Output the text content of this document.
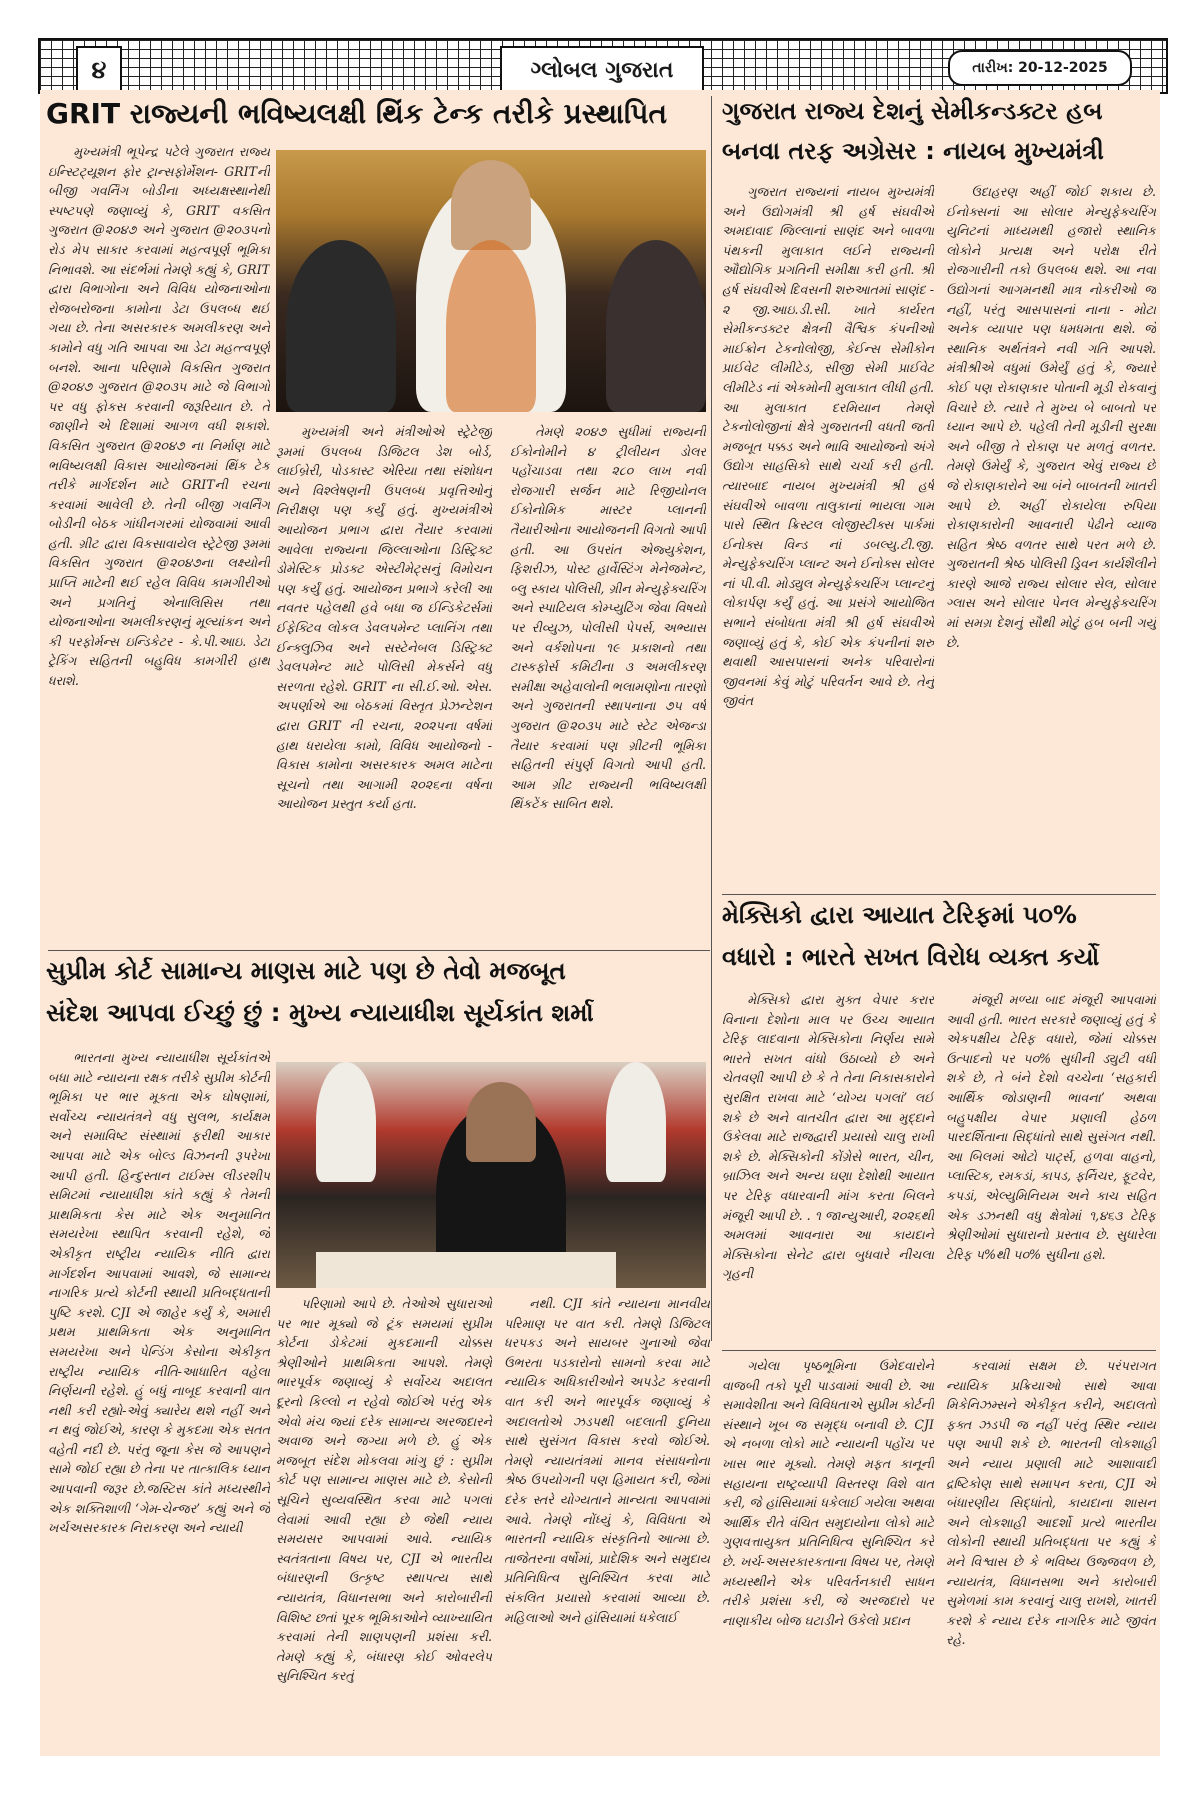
૪	ગ્લોબલ ગુજરાત	તારીખ: 20-12-2025
GRIT રાજ્યની ભવિષ્યલક્ષી થિંક ટેન્ક તરીકે પ્રસ્થાપિત

મુખ્યમંત્રી ભૂપેન્દ્ર પટેલે ગુજરાત રાજ્ય ઇન્સ્ટિટ્યૂશન ફોર ટ્રાન્સફોર્મેશન- GRITની બીજી ગવર્નિંગ બોડીના અધ્યક્ષસ્થાનેથી સ્પષ્ટપણે જણાવ્યું કે, GRIT વકસિત ગુજરાત @૨૦૪૭ અને ગુજરાત @૨૦૩૫નો રોડ મેપ સાકાર કરવામાં મહત્વપૂર્ણ ભૂમિકા નિભાવશે. આ સંદર્ભમાં તેમણે કહ્યું કે, GRIT દ્વારા વિભાગોના અને વિવિધ યોજનાઓના રોજબરોજના કામોના ડેટા ઉપલબ્ધ થઈ ગયા છે. તેના અસરકારક અમલીકરણ અને કામોને વધુ ગતિ આપવા આ ડેટા મહત્ત્વપૂર્ણ બનશે. આના પરિણામે વિકસિત ગુજરાત @૨૦૪૭ ગુજરાત @૨૦૩૫ માટે જે વિભાગો પર વધુ ફોકસ કરવાની જરૂરિયાત છે. તે જાણીને એ દિશામાં આગળ વધી શકાશે. વિકસિત ગુજરાત @૨૦૪૭ ના નિર્માણ માટે ભવિષ્યલક્ષી વિકાસ આયોજનમાં થિંક ટેક તરીકે માર્ગદર્શન માટે GRITની રચના કરવામાં આવેલી છે. તેની બીજી ગવર્નિંગ બોડીની બેઠક ગાંધીનગરમાં યોજવામાં આવી હતી. ગ્રીટ દ્વારા વિકસાવાયેલ સ્ટ્રેટેજી રૂમમાં વિકસિત ગુજરાત @૨૦૪૭ના લક્ષ્યોની પ્રાપ્તિ માટેની થઈ રહેલ વિવિધ કામગીરીઓ અને પ્રગતિનું એનાલિસિસ તથા યોજનાઓના અમલીકરણનું મૂલ્યાંકન અને કી પરફોર્મન્સ ઇન્ડિકેટર - કે.પી.આઇ. ડેટા ટ્રેકિંગ સહિતની બહુવિધ કામગીરી હાથ ધરાશે.

મુખ્યમંત્રી અને મંત્રીઓએ સ્ટ્રેટેજી રૂમમાં ઉપલબ્ધ ડિજિટલ ડેશ બોર્ડ, લાઈબ્રેરી, પોડકાસ્ટ એરિયા તથા સંશોધન અને વિશ્લેષણની ઉપલબ્ધ પ્રવૃત્તિઓનું નિરીક્ષણ પણ કર્યું હતું. મુખ્યમંત્રીએ આયોજન પ્રભાગ દ્વારા તૈયાર કરવામાં આવેલા રાજ્યના જિલ્લાઓના ડિસ્ટ્રિક્ટ ડોમેસ્ટિક પ્રોડક્ટ એસ્ટીમેટ્સનું વિમોચન પણ કર્યું હતું. આયોજન પ્રભાગે કરેલી આ નવતર પહેલથી હવે બધા જ ઈન્ડિકેટર્સમાં ઈફેક્ટિવ લોકલ ડેવલપમેન્ટ પ્લાનિંગ તથા ઈન્ક્લુઝિવ અને સસ્ટેનેબલ ડિસ્ટ્રિક્ટ ડેવલપમેન્ટ માટે પોલિસી મેકર્સને વધુ સરળતા રહેશે. GRIT ના સી.ઈ.ઓ. એસ. અપર્ણાએ આ બેઠકમાં વિસ્તૃત પ્રેઝન્ટેશન દ્વારા GRIT ની રચના, ૨૦૨૫ના વર્ષમાં હાથ ધરાયેલા કામો, વિવિધ આયોજનો - વિકાસ કામોના અસરકારક અમલ માટેના સૂચનો તથા આગામી ૨૦૨૬ના વર્ષના આયોજન પ્રસ્તુત કર્યા હતા.

તેમણે ૨૦૪૭ સુધીમાં રાજ્યની ઈકોનોમીને ૪ ટ્રીલીયન ડોલર પહોંચાડવા તથા ૨૮૦ લાખ નવી રોજગારી સર્જન માટે રિજીયોનલ ઈકોનોમિક માસ્ટર પ્લાનની તૈયારીઓના આયોજનની વિગતો આપી હતી. આ ઉપરાંત એજ્યુકેશન, ફિશરીઝ, પોસ્ટ હાર્વેસ્ટિંગ મેનેજમેન્ટ, બ્લુ સ્કાય પોલિસી, ગ્રીન મેન્યુફેક્ચરિંગ અને સ્પાટિયલ કોમ્પ્યુટિંગ જેવા વિષયો પર રીવ્યુઝ, પોલીસી પેપર્સ, અભ્યાસ અને વર્કશોપના ૧૯ પ્રકાશનો તથા ટાસ્કફોર્સ કમિટીના ૩ અમલીકરણ સમીક્ષા અહેવાલોની ભલામણોના તારણો અને ગુજરાતની સ્થાપનાના ૭૫ વર્ષ ગુજરાત @૨૦૩૫ માટે સ્ટેટ એજન્ડા તૈયાર કરવામાં પણ ગ્રીટની ભૂમિકા સહિતની સંપુર્ણ વિગતો આપી હતી. આમ ગ્રીટ રાજ્યની ભવિષ્યલક્ષી થિંકટેંક સાબિત થશે.

ગુજરાત રાજ્ય દેશનું સેમીકન્ડક્ટર હબ
બનવા તરફ અગ્રેસર : નાયબ મુખ્યમંત્રી

ગુજરાત રાજ્યનાં નાયબ મુખ્યમંત્રી અને ઉદ્યોગમંત્રી શ્રી હર્ષ સંઘવીએ અમદાવાદ જિલ્લાનાં સાણંદ અને બાવળા પંથકની મુલાકાત લઈને રાજ્યની ઔદ્યોગિક પ્રગતિની સમીક્ષા કરી હતી. શ્રી હર્ષ સંઘવીએ દિવસની શરુઆતમાં સાણંદ - ૨ જી.આઇ.ડી.સી. ખાતે કાર્યરત સેમીકન્ડક્ટર ક્ષેત્રની વૈશ્વિક કંપનીઓ માઈક્રોન ટેકનોલોજી, કેઈન્સ સેમીકોન પ્રાઈવેટ લીમીટેડ, સીજી સેમી પ્રાઈવેટ લીમીટેડ નાં એકમોની મુલાકાત લીધી હતી. આ મુલાકાત દરમિયાન તેમણે ટેકનોલોજીનાં ક્ષેત્રે ગુજરાતની વધતી જતી મજબૂત પક્કડ અને ભાવિ આયોજનો અંગે ઉદ્યોગ સાહસિકો સાથે ચર્ચા કરી હતી. ત્યારબાદ નાયબ મુખ્યમંત્રી શ્રી હર્ષ સંઘવીએ બાવળા તાલુકાનાં ભાયલા ગામ પાસે સ્થિત ક્રિસ્ટલ લોજીસ્ટીક્સ પાર્કમાં ઈનોક્સ વિન્ડ નાં ડબલ્યુ.ટી.જી. મેન્યુફેક્ચરિંગ પ્લાન્ટ અને ઈનોક્સ સોલર નાં પી.વી. મોડ્યુલ મેન્યુફેક્ચરિંગ પ્લાન્ટનું લોકાર્પણ કર્યું હતું. આ પ્રસંગે આયોજિત સભાને સંબોધતા મંત્રી શ્રી હર્ષ સંઘવીએ જણાવ્યું હતું કે, કોઈ એક કંપનીનાં શરુ થવાથી આસપાસનાં અનેક પરિવારોનાં જીવનમાં કેવું મોટું પરિવર્તન આવે છે. તેનું જીવંત

ઉદાહરણ અહીં જોઈ શકાય છે. ઈનોક્સનાં આ સોલાર મેન્યુફેક્ચરિંગ યુનિટનાં માધ્યમથી હજારો સ્થાનિક લોકોને પ્રત્યક્ષ અને પરોક્ષ રીતે રોજગારીની તકો ઉપલબ્ધ થશે. આ નવા ઉદ્યોગનાં આગમનથી માત્ર નોકરીઓ જ નહીં, પરંતુ આસપાસનાં નાના - મોટા અનેક વ્યાપાર પણ ધમધમતા થશે. જે સ્થાનિક અર્થતંત્રને નવી ગતિ આપશે. મંત્રીશ્રીએ વધુમાં ઉમેર્યું હતું કે, જ્યારે કોઈ પણ રોકાણકાર પોતાની મૂડી રોકવાનું વિચારે છે. ત્યારે તે મુખ્ય બે બાબતો પર ધ્યાન આપે છે. પહેલી તેની મૂડીની સુરક્ષા અને બીજી તે રોકાણ પર મળતું વળતર. તેમણે ઉમેર્યું કે, ગુજરાત એવું રાજ્ય છે જે રોકાણકારોને આ બંને બાબતની ખાતરી આપે છે. અહીં રોકાયેલા રુપિયા રોકાણકારોની આવનારી પેઢીને વ્યાજ સહિત શ્રેષ્ઠ વળતર સાથે પરત મળે છે. ગુજરાતની શ્રેષ્ઠ પોલિસી ડ્રિવન કાર્યશૈલીને કારણે આજે રાજ્ય સોલાર સેલ, સોલાર ગ્લાસ અને સોલાર પેનલ મેન્યુફેક્ચરિંગ માં સમગ્ર દેશનું સૌથી મોટું હબ બની ગયું છે.

મેક્સિકો દ્વારા આયાત ટેરિફમાં ૫૦%
વધારો : ભારતે સખત વિરોધ વ્યક્ત કર્યો

મેક્સિકો દ્વારા મુક્ત વેપાર કરાર વિનાના દેશોના માલ પર ઉચ્ચ આયાત ટેરિફ લાદવાના મેક્સિકોના નિર્ણય સામે ભારતે સખત વાંધો ઉઠાવ્યો છે અને ચેતવણી આપી છે કે તે તેના નિકાસકારોને સુરક્ષિત રાખવા માટે ‘યોગ્ય પગલાં’ લઈ શકે છે અને વાતચીત દ્વારા આ મુદ્દાને ઉકેલવા માટે રાજદ્વારી પ્રયાસો ચાલુ રાખી શકે છે. મેક્સિકોની કોંગ્રેસે ભારત, ચીન, બ્રાઝિલ અને અન્ય ઘણા દેશોથી આયાત પર ટેરિફ વધારવાની માંગ કરતા બિલને મંજૂરી આપી છે. . ૧ જાન્યુઆરી, ૨૦૨૬થી અમલમાં આવનારા આ કાયદાને મેક્સિકોના સેનેટ દ્વારા બુધવારે નીચલા ગૃહની

મંજૂરી મળ્યા બાદ મંજૂરી આપવામાં આવી હતી. ભારત સરકારે જણાવ્યું હતું કે એકપક્ષીય ટેરિફ વધારો, જેમાં ચોક્કસ ઉત્પાદનો પર ૫૦% સુધીની ડ્યુટી વધી શકે છે, તે બંને દેશો વચ્ચેના ‘સહકારી આર્થિક જોડાણની ભાવના’ અથવા બહુપક્ષીય વેપાર પ્રણાલી હેઠળ પારદર્શિતાના સિદ્ધાંતો સાથે સુસંગત નથી. આ બિલમાં ઓટો પાર્ટ્સ, હળવા વાહનો, પ્લાસ્ટિક, રમકડાં, કાપડ, ફર્નિચર, ફૂટવેર, કપડાં, એલ્યુમિનિયમ અને કાચ સહિત એક ડઝનથી વધુ ક્ષેત્રોમાં ૧,૪૬૩ ટેરિફ શ્રેણીઓમાં સુધારાનો પ્રસ્તાવ છે. સુધારેલા ટેરિફ ૫%થી ૫૦% સુધીના હશે.

સુપ્રીમ કોર્ટ સામાન્ય માણસ માટે પણ છે તેવો મજબૂત
સંદેશ આપવા ઈચ્છું છું : મુખ્ય ન્યાયાધીશ સૂર્યકાંત શર્મા

ભારતના મુખ્ય ન્યાયાધીશ સૂર્યકાંતએ બધા માટે ન્યાયના રક્ષક તરીકે સુપ્રીમ કોર્ટની ભૂમિકા પર ભાર મૂકતા એક ઘોષણામાં, સર્વોચ્ચ ન્યાયતંત્રને વધુ સુલભ, કાર્યક્ષમ અને સમાવિષ્ટ સંસ્થામાં ફરીથી આકાર આપવા માટે એક બોલ્ડ વિઝનની રૂપરેખા આપી હતી. હિન્દુસ્તાન ટાઈમ્સ લીડરશીપ સમિટમાં ન્યાયાધીશ કાંતે કહ્યું કે તેમની પ્રાથમિકતા કેસ માટે એક અનુમાનિત સમયરેખા સ્થાપિત કરવાની રહેશે, જે એકીકૃત રાષ્ટ્રીય ન્યાયિક નીતિ દ્વારા માર્ગદર્શન આપવામાં આવશે, જે સામાન્ય નાગરિક પ્રત્યે કોર્ટની સ્થાયી પ્રતિબદ્ધતાની પુષ્ટિ કરશે. CJI એ જાહેર કર્યું કે, અમારી પ્રથમ પ્રાથમિકતા એક અનુમાનિત સમયરેખા અને પેન્ડિંગ કેસોના એકીકૃત રાષ્ટ્રીય ન્યાયિક નીતિ-આધારિત વહેલા નિર્ણયની રહેશે. હું બધું નાબૂદ કરવાની વાત નથી કરી રહ્યો-એવું ક્યારેય થશે નહીં અને ન થવું જોઈએ, કારણ કે મુકદમા એક સતત વહેતી નદી છે. પરંતુ જૂના કેસ જે આપણને સામે જોઈ રહ્યા છે તેના પર તાત્કાલિક ધ્યાન આપવાની જરૂર છે.જસ્ટિસ કાંતે મધ્યસ્થીને એક શક્તિશાળી ‘ગેમ-ચેન્જર’ કહ્યું અને જે ખર્ચઅસરકારક નિરાકરણ અને ન્યાયી

પરિણામો આપે છે. તેઓએ સુધારાઓ પર ભાર મૂક્યો જે ટૂંક સમયમાં સુપ્રીમ કોર્ટના ડોકેટમાં મુકદમાની ચોક્કસ શ્રેણીઓને પ્રાથમિકતા આપશે. તેમણે ભારપૂર્વક જણાવ્યું કે સર્વોચ્ચ અદાલત દૂરનો કિલ્લો ન રહેવો જોઈએ પરંતુ એક એવો મંચ જ્યાં દરેક સામાન્ય અરજદારને અવાજ અને જગ્યા મળે છે. હું એક મજબૂત સંદેશ મોકલવા માંગુ છું : સુપ્રીમ કોર્ટ પણ સામાન્ય માણસ માટે છે. કેસોની સૂચિને સુવ્યવસ્થિત કરવા માટે પગલાં લેવામાં આવી રહ્યા છે જેથી ન્યાય સમયસર આપવામાં આવે. ન્યાયિક સ્વતંત્રતાના વિષય પર, CJI એ ભારતીય બંધારણની ઉત્કૃષ્ટ સ્થાપત્ય સાથે ન્યાયતંત્ર, વિધાનસભા અને કારોબારીની વિશિષ્ટ છતાં પૂરક ભૂમિકાઓને વ્યાખ્યાયિત કરવામાં તેની શાણપણની પ્રશંસા કરી. તેમણે કહ્યું કે, બંધારણ કોઈ ઓવરલેપ સુનિશ્ચિત કરતું

નથી. CJI કાંતે ન્યાયના માનવીય પરિમાણ પર વાત કરી. તેમણે ડિજિટલ ધરપકડ અને સાયબર ગુનાઓ જેવા ઉભરતા પડકારોનો સામનો કરવા માટે ન્યાયિક અધિકારીઓને અપડેટ કરવાની વાત કરી અને ભારપૂર્વક જણાવ્યું કે અદાલતોએ ઝડપથી બદલાતી દુનિયા સાથે સુસંગત વિકાસ કરવો જોઈએ. તેમણે ન્યાયતંત્રમાં માનવ સંસાધનોના શ્રેષ્ઠ ઉપયોગની પણ હિમાયત કરી, જેમાં દરેક સ્તરે યોગ્યતાને માન્યતા આપવામાં આવે. તેમણે નોંધ્યું કે, વિવિધતા એ ભારતની ન્યાયિક સંસ્કૃતિનો આત્મા છે. તાજેતરના વર્ષોમાં, પ્રાદેશિક અને સમુદાય પ્રતિનિધિત્વ સુનિશ્ચિત કરવા માટે સંકલિત પ્રયાસો કરવામાં આવ્યા છે. મહિલાઓ અને હાંસિયામાં ધકેલાઈ

ગયેલા પૃષ્ઠભૂમિના ઉમેદવારોને વાજબી તકો પૂરી પાડવામાં આવી છે. આ સમાવેશીતા અને વિવિધતાએ સુપ્રીમ કોર્ટની સંસ્થાને ખૂબ જ સમૃદ્ધ બનાવી છે. CJI એ નબળા લોકો માટે ન્યાયની પહોંચ પર ખાસ ભાર મૂક્યો. તેમણે મફત કાનૂની સહાયના રાષ્ટ્રવ્યાપી વિસ્તરણ વિશે વાત કરી, જે હાંસિયામાં ધકેલાઈ ગયેલા અથવા આર્થિક રીતે વંચિત સમુદાયોના લોકો માટે ગુણવત્તાયુક્ત પ્રતિનિધિત્વ સુનિશ્ચિત કરે છે. ખર્ચ-અસરકારકતાના વિષય પર, તેમણે મધ્યસ્થીને એક પરિવર્તનકારી સાધન તરીકે પ્રશંસા કરી, જે અરજદારો પર નાણાકીય બોજ ઘટાડીને ઉકેલો પ્રદાન

કરવામાં સક્ષમ છે. પરંપરાગત ન્યાયિક પ્રક્રિયાઓ સાથે આવા મિકેનિઝમ્સને એકીકૃત કરીને, અદાલતો ફક્ત ઝડપી જ નહીં પરંતુ સ્થિર ન્યાય પણ આપી શકે છે. ભારતની લોકશાહી અને ન્યાય પ્રણાલી માટે આશાવાદી દ્રષ્ટિકોણ સાથે સમાપન કરતા, CJI એ બંધારણીય સિદ્ધાંતો, કાયદાના શાસન અને લોકશાહી આદર્શો પ્રત્યે ભારતીય લોકોની સ્થાયી પ્રતિબદ્ધતા પર કહ્યું કે મને વિશ્વાસ છે કે ભવિષ્ય ઉજ્જવળ છે, ન્યાયતંત્ર, વિધાનસભા અને કારોબારી સુમેળમાં કામ કરવાનું ચાલુ રાખશે, ખાતરી કરશે કે ન્યાય દરેક નાગરિક માટે જીવંત રહે.
